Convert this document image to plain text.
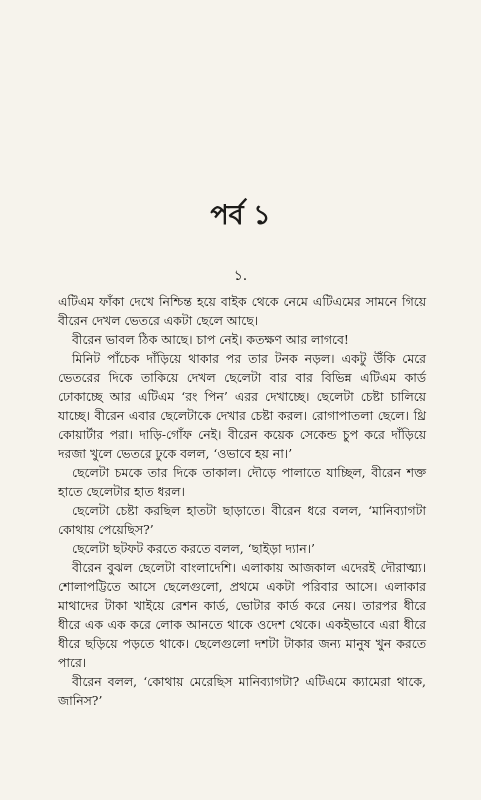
পর্ব ১
১.

এটিএম ফাঁকা দেখে নিশ্চিন্ত হয়ে বাইক থেকে নেমে এটিএমের সামনে গিয়ে বীরেন দেখল ভেতরে একটা ছেলে আছে।

বীরেন ভাবল ঠিক আছে। চাপ নেই। কতক্ষণ আর লাগবে!

মিনিট পাঁচেক দাঁড়িয়ে থাকার পর তার টনক নড়ল। একটু উঁকি মেরে ভেতরের দিকে তাকিয়ে দেখল ছেলেটা বার বার বিভিন্ন এটিএম কার্ড ঢোকাচ্ছে আর এটিএম ‘রং পিন’ এরর দেখাচ্ছে। ছেলেটা চেষ্টা চালিয়ে যাচ্ছে। বীরেন এবার ছেলেটাকে দেখার চেষ্টা করল। রোগাপাতলা ছেলে। থ্রি কোয়ার্টার পরা। দাড়ি-গোঁফ নেই। বীরেন কয়েক সেকেন্ড চুপ করে দাঁড়িয়ে দরজা খুলে ভেতরে ঢুকে বলল, ‘ওভাবে হয় না।’

ছেলেটা চমকে তার দিকে তাকাল। দৌড়ে পালাতে যাচ্ছিল, বীরেন শক্ত হাতে ছেলেটার হাত ধরল।

ছেলেটা চেষ্টা করছিল হাতটা ছাড়াতে। বীরেন ধরে বলল, ‘মানিব্যাগটা কোথায় পেয়েছিস?’

ছেলেটা ছটফট করতে করতে বলল, ‘ছাইড়া দ্যান।’

বীরেন বুঝল ছেলেটা বাংলাদেশি। এলাকায় আজকাল এদেরই দৌরাত্ম্য। শোলাপট্টিতে আসে ছেলেগুলো, প্রথমে একটা পরিবার আসে। এলাকার মাথাদের টাকা খাইয়ে রেশন কার্ড, ভোটার কার্ড করে নেয়। তারপর ধীরে ধীরে এক এক করে লোক আনতে থাকে ওদেশ থেকে। একইভাবে এরা ধীরে ধীরে ছড়িয়ে পড়তে থাকে। ছেলেগুলো দশটা টাকার জন্য মানুষ খুন করতে পারে।

বীরেন বলল, ‘কোথায় মেরেছিস মানিব্যাগটা? এটিএমে ক্যামেরা থাকে, জানিস?’
